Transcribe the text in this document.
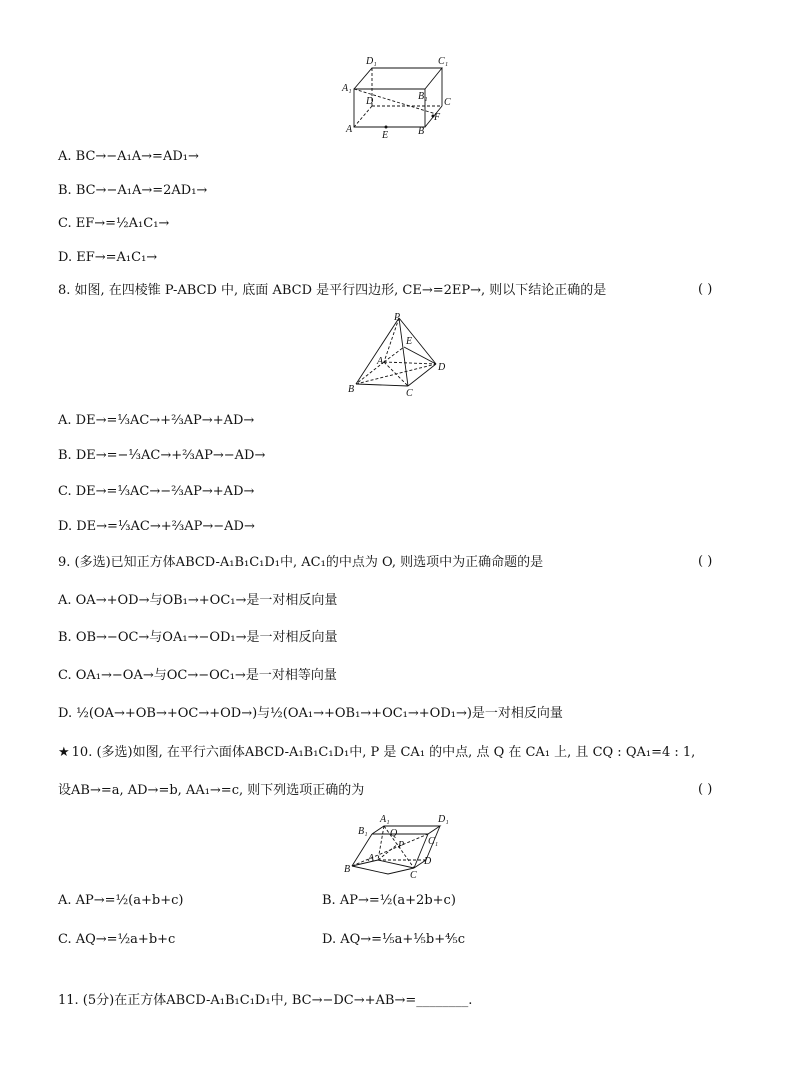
D₁	C₁
A₁
D	B₁
C
A
E	B
F
A. BC→−A₁A→=AD₁→
B. BC→−A₁A→=2AD₁→
C. EF→=½A₁C₁→
D. EF→=A₁C₁→
8. 如图, 在四棱锥 P-ABCD 中, 底面 ABCD 是平行四边形, CE→=2EP→, 则以下结论正确的是	( )
P
E
A
D
B	C
A. DE→=⅓AC→+⅔AP→+AD→
B. DE→=−⅓AC→+⅔AP→−AD→
C. DE→=⅓AC→−⅔AP→+AD→
D. DE→=⅓AC→+⅔AP→−AD→
9. (多选)已知正方体ABCD-A₁B₁C₁D₁中, AC₁的中点为 O, 则选项中为正确命题的是	( )
A. OA→+OD→与OB₁→+OC₁→是一对相反向量
B. OB→−OC→与OA₁→−OD₁→是一对相反向量
C. OA₁→−OA→与OC→−OC₁→是一对相等向量
D. ½(OA→+OB→+OC→+OD→)与½(OA₁→+OB₁→+OC₁→+OD₁→)是一对相反向量
★ 10. (多选)如图, 在平行六面体ABCD-A₁B₁C₁D₁中, P 是 CA₁ 的中点, 点 Q 在 CA₁ 上, 且 CQ : QA₁=4 : 1,
设AB→=a, AD→=b, AA₁→=c, 则下列选项正确的为	( )
A₁	D₁
B₁ Q
C₁
P
A	D
B
C
A. AP→=½(a+b+c)	B. AP→=½(a+2b+c)
C. AQ→=½a+b+c	D. AQ→=⅕a+⅕b+⅘c
11. (5分)在正方体ABCD-A₁B₁C₁D₁中, BC→−DC→+AB→=________.
